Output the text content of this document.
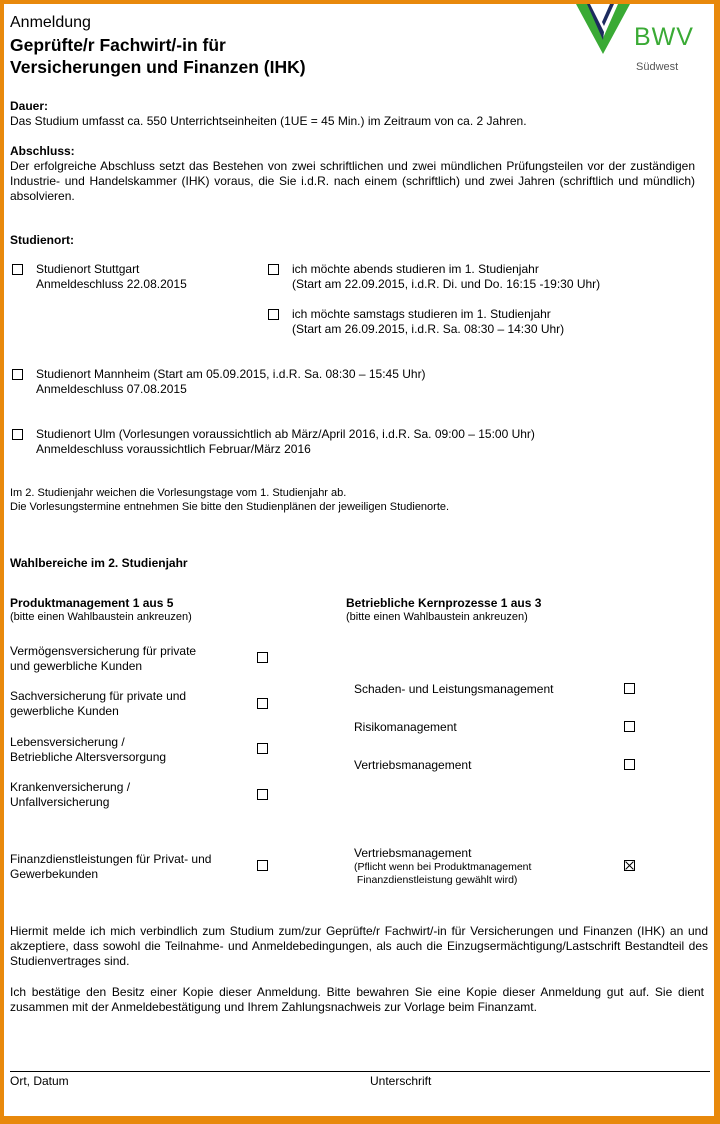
Anmeldung
Geprüfte/r Fachwirt/-in für
Versicherungen und Finanzen (IHK)
BWV
Südwest
Dauer:
Das Studium umfasst ca. 550 Unterrichtseinheiten (1UE = 45 Min.) im Zeitraum von ca. 2 Jahren.
Abschluss:
Der erfolgreiche Abschluss setzt das Bestehen von zwei schriftlichen und zwei mündlichen Prüfungsteilen vor der zuständigen Industrie- und Handelskammer (IHK) voraus, die Sie i.d.R. nach einem (schriftlich) und zwei Jahren (schriftlich und mündlich) absolvieren.
Studienort:
Studienort Stuttgart
Anmeldeschluss 22.08.2015
ich möchte abends studieren im 1. Studienjahr
(Start am 22.09.2015, i.d.R. Di. und Do. 16:15 -19:30 Uhr)
ich möchte samstags studieren im 1. Studienjahr
(Start am 26.09.2015, i.d.R. Sa. 08:30 – 14:30 Uhr)
Studienort Mannheim (Start am 05.09.2015, i.d.R. Sa. 08:30 – 15:45 Uhr)
Anmeldeschluss 07.08.2015
Studienort Ulm (Vorlesungen voraussichtlich ab März/April 2016, i.d.R. Sa. 09:00 – 15:00 Uhr)
Anmeldeschluss voraussichtlich Februar/März 2016
Im 2. Studienjahr weichen die Vorlesungstage vom 1. Studienjahr ab.
Die Vorlesungstermine entnehmen Sie bitte den Studienplänen der jeweiligen Studienorte.
Wahlbereiche im 2. Studienjahr
Produktmanagement 1 aus 5
(bitte einen Wahlbaustein ankreuzen)
Betriebliche Kernprozesse 1 aus 3
(bitte einen Wahlbaustein ankreuzen)
Vermögensversicherung für private
und gewerbliche Kunden
Sachversicherung für private und
gewerbliche Kunden
Lebensversicherung /
Betriebliche Altersversorgung
Krankenversicherung /
Unfallversicherung
Finanzdienstleistungen für Privat- und
Gewerbekunden
Schaden- und Leistungsmanagement
Risikomanagement
Vertriebsmanagement
Vertriebsmanagement
(Pflicht wenn bei Produktmanagement
Finanzdienstleistung gewählt wird)
Hiermit melde ich mich verbindlich zum Studium zum/zur Geprüfte/r Fachwirt/-in für Versicherungen und Finanzen (IHK) an und akzeptiere, dass sowohl die Teilnahme- und Anmeldebedingungen, als auch die Einzugsermächtigung/Lastschrift Bestandteil des Studienvertrages sind.
Ich bestätige den Besitz einer Kopie dieser Anmeldung. Bitte bewahren Sie eine Kopie dieser Anmeldung gut auf. Sie dient zusammen mit der Anmeldebestätigung und Ihrem Zahlungsnachweis zur Vorlage beim Finanzamt.
Ort, Datum	Unterschrift
